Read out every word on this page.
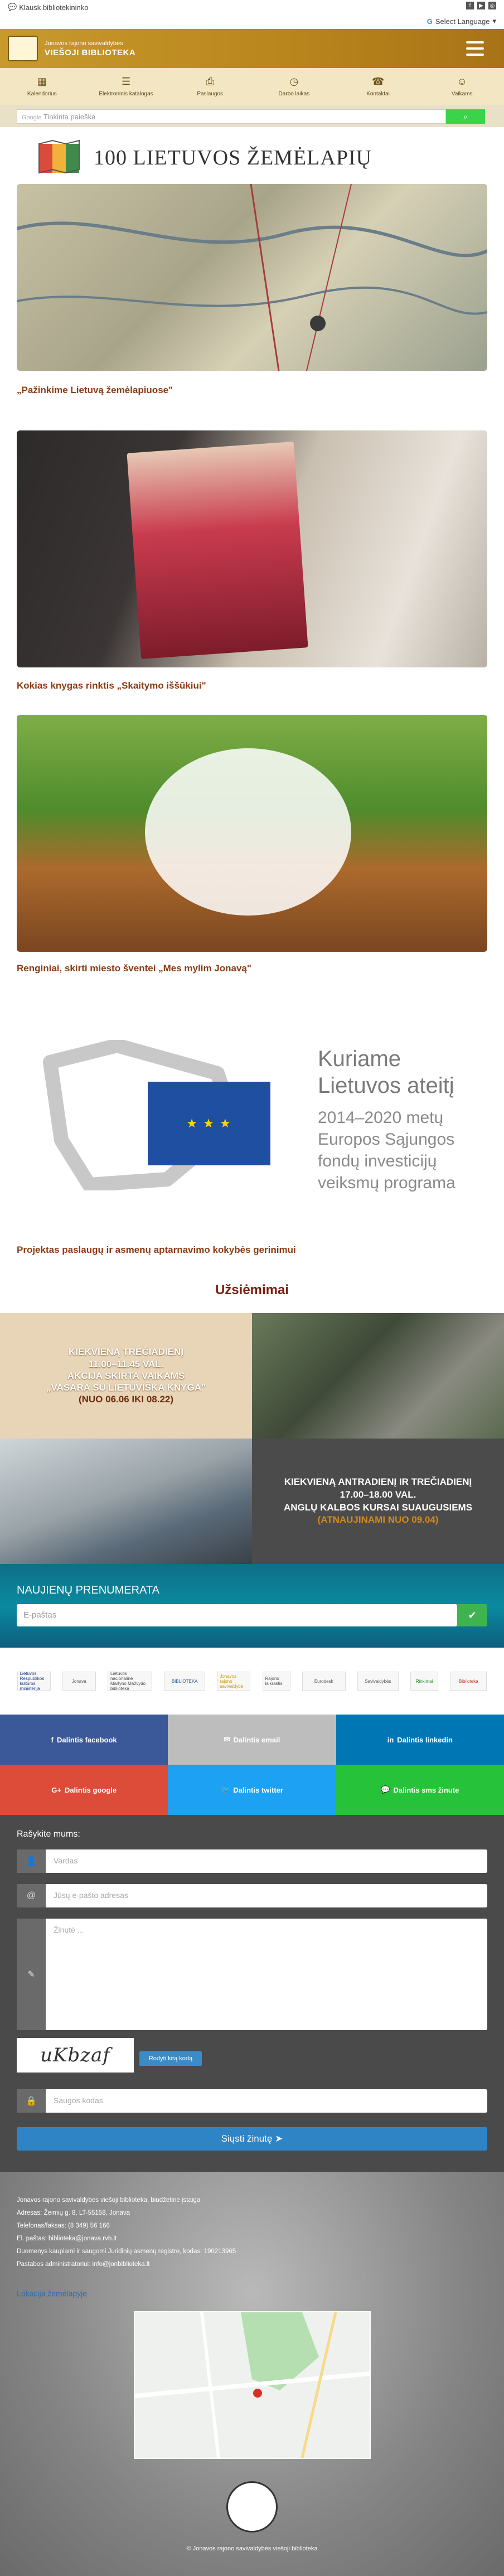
💬 Klausk bibliotekininko	f	▶	◎
G Select Language ▾
Jonavos rajono savivaldybės
VIEŠOJI BIBLIOTEKA
▦
Kalendorius
☰
Elektroninis katalogas
⎙
Paslaugos
◷
Darbo laikas
☎
Kontaktai
☺
Vaikams
Google Tinkinta paieška	⌕
100 LIETUVOS ŽEMĖLAPIŲ
„Pažinkime Lietuvą žemėlapiuose"
Kokias knygas rinktis „Skaitymo iššūkiui"
Renginiai, skirti miesto šventei „Mes mylim Jonavą"
★ ★ ★
Kuriame
Lietuvos ateitį
2014–2020 metų
Europos Sąjungos
fondų investicijų
veiksmų programa
Projektas paslaugų ir asmenų aptarnavimo kokybės gerinimui
Užsiėmimai
KIEKVIENĄ TREČIADIENĮ
11.00–11.45 VAL.
AKCIJA SKIRTA VAIKAMS
„VASARA SU LIETUVIŠKA KNYGA"
(NUO 06.06 IKI 08.22)
KIEKVIENĄ ANTRADIENĮ IR TREČIADIENĮ
17.00–18.00 VAL.
ANGLŲ KALBOS KURSAI SUAUGUSIEMS
(ATNAUJINAMI NUO 09.04)
NAUJIENŲ PRENUMERATA
E-paštas	✔
Lietuvos Respublikos kultūros ministerija
Jonava
Lietuvos nacionalinė Martyno Mažvydo biblioteka
BIBLIOTEKA
Jonavos rajono savivaldybė
Rajono laikraštis	Eurodesk	Savivaldybės	Rinkimai	Biblioteka
f Dalintis facebook	✉ Dalintis email	in Dalintis linkedin
G+ Dalintis google	🐦 Dalintis twitter	💬 Dalintis sms žinute
Rašykite mums:
👤	Vardas
@	Jūsų e-pašto adresas
✎
Žinutė ...
uKbzaf	Rodyti kitą kodą
🔒	Saugos kodas
Siųsti žinutę
➤
Jonavos rajono savivaldybės viešoji biblioteka, biudžetinė įstaiga
Adresas: Žeimių g. 8, LT-55158, Jonava
Telefonas/faksas: (8 349) 56 166
El. paštas: biblioteka@jonava.rvb.lt
Duomenys kaupiami ir saugomi Juridinių asmenų registre, kodas: 190213965
Pastabos administratoriui: info@jonbiblioteka.lt
Lokacija žemėlapyje
© Jonavos rajono savivaldybės viešoji biblioteka
